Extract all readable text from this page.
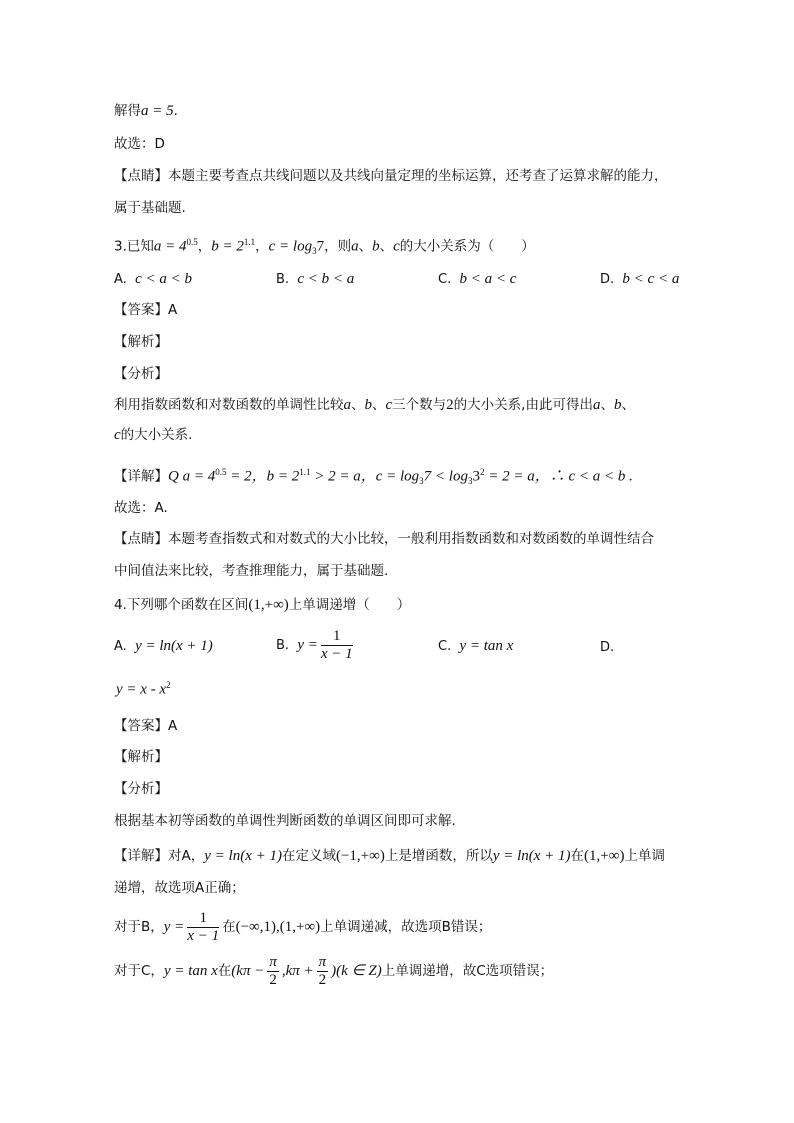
解得a = 5.
故选：D
【点睛】本题主要考查点共线问题以及共线向量定理的坐标运算，还考查了运算求解的能力，
属于基础题.
3.已知$a = 4^{0.5}$，$b = 2^{1.1}$，$c = \log_37$，则a、b、c的大小关系为（　　）
A. c < a < b	B. c < b < a	C. b < a < c	D. b < c < a
【答案】A
【解析】
【分析】
利用指数函数和对数函数的单调性比较a、b、c三个数与2的大小关系,由此可得出a、b、
c的大小关系.
【详解】Q $a = 4^{0.5} = 2$，$b = 2^{1.1} > 2 = a$，$c = \log_37 < \log_33^2 = 2 = a$，∴ c < a < b .
故选：A.
【点睛】本题考查指数式和对数式的大小比较，一般利用指数函数和对数函数的单调性结合
中间值法来比较，考查推理能力，属于基础题.
4.下列哪个函数在区间(1,+∞)上单调递增（　　）
A. y = ln(x + 1)	B. $y = \frac{1}{x - 1}$	C. y = tan x	D.
$y = x - x^2$
【答案】A
【解析】
【分析】
根据基本初等函数的单调性判断函数的单调区间即可求解.
【详解】对A，y = ln(x + 1)在定义域(−1,+∞)上是增函数，所以y = ln(x + 1)在(1,+∞)上单调
递增，故选项A正确；
对于B，$y = \frac{1}{x - 1}$ 在(−∞,1),(1,+∞)上单调递减，故选项B错误；
对于C，y = tan x在$(k\pi - \frac{\pi}{2} ,k\pi + \frac{\pi}{2} )(k$ ∈ Z)上单调递增，故C选项错误；
